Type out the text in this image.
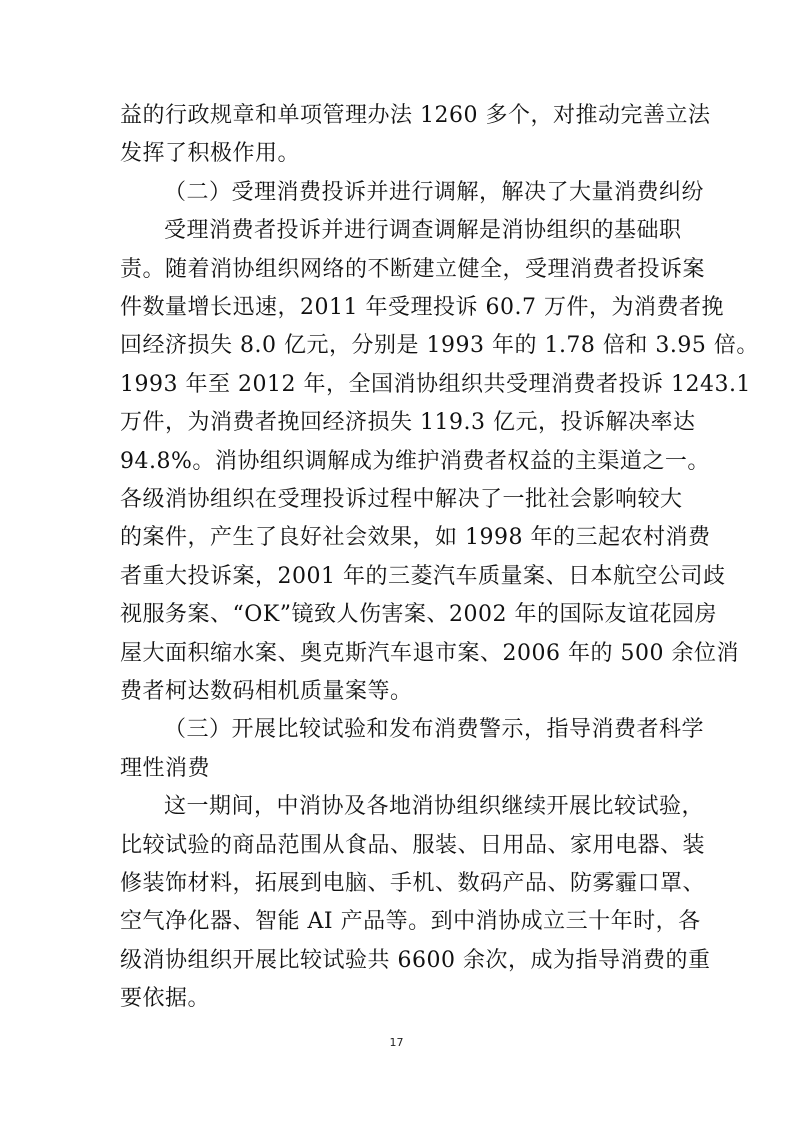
益的行政规章和单项管理办法 1260 多个，对推动完善立法
发挥了积极作用。
（二）受理消费投诉并进行调解，解决了大量消费纠纷
受理消费者投诉并进行调查调解是消协组织的基础职
责。随着消协组织网络的不断建立健全，受理消费者投诉案
件数量增长迅速，2011 年受理投诉 60.7 万件，为消费者挽
回经济损失 8.0 亿元，分别是 1993 年的 1.78 倍和 3.95 倍。
1993 年至 2012 年，全国消协组织共受理消费者投诉 1243.1
万件，为消费者挽回经济损失 119.3 亿元，投诉解决率达
94.8%。消协组织调解成为维护消费者权益的主渠道之一。
各级消协组织在受理投诉过程中解决了一批社会影响较大
的案件，产生了良好社会效果，如 1998 年的三起农村消费
者重大投诉案，2001 年的三菱汽车质量案、日本航空公司歧
视服务案、“OK”镜致人伤害案、2002 年的国际友谊花园房
屋大面积缩水案、奥克斯汽车退市案、2006 年的 500 余位消
费者柯达数码相机质量案等。
（三）开展比较试验和发布消费警示，指导消费者科学
理性消费
这一期间，中消协及各地消协组织继续开展比较试验，
比较试验的商品范围从食品、服装、日用品、家用电器、装
修装饰材料，拓展到电脑、手机、数码产品、防雾霾口罩、
空气净化器、智能 AI 产品等。到中消协成立三十年时，各
级消协组织开展比较试验共 6600 余次，成为指导消费的重
要依据。
17
